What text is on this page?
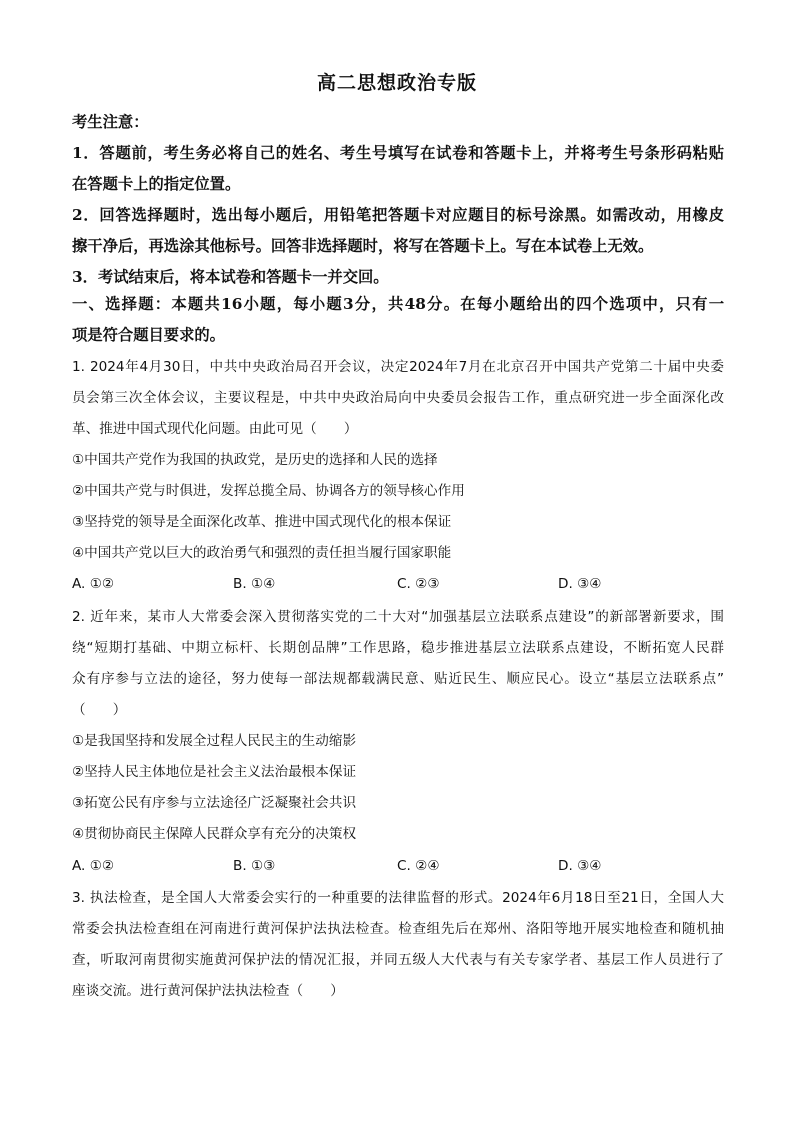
高二思想政治专版
考生注意：
1．答题前，考生务必将自己的姓名、考生号填写在试卷和答题卡上，并将考生号条形码粘贴
在答题卡上的指定位置。
2．回答选择题时，选出每小题后，用铅笔把答题卡对应题目的标号涂黑。如需改动，用橡皮
擦干净后，再选涂其他标号。回答非选择题时，将写在答题卡上。写在本试卷上无效。
3．考试结束后，将本试卷和答题卡一并交回。
一、选择题：本题共16小题，每小题3分，共48分。在每小题给出的四个选项中，只有一
项是符合题目要求的。
1. 2024年4月30日，中共中央政治局召开会议，决定2024年7月在北京召开中国共产党第二十届中央委
员会第三次全体会议，主要议程是，中共中央政治局向中央委员会报告工作，重点研究进一步全面深化改
革、推进中国式现代化问题。由此可见（　　）
①中国共产党作为我国的执政党，是历史的选择和人民的选择
②中国共产党与时俱进，发挥总揽全局、协调各方的领导核心作用
③坚持党的领导是全面深化改革、推进中国式现代化的根本保证
④中国共产党以巨大的政治勇气和强烈的责任担当履行国家职能
A. ①②	B. ①④	C. ②③	D. ③④
2. 近年来，某市人大常委会深入贯彻落实党的二十大对“加强基层立法联系点建设”的新部署新要求，围
绕“短期打基础、中期立标杆、长期创品牌”工作思路，稳步推进基层立法联系点建设，不断拓宽人民群
众有序参与立法的途径，努力使每一部法规都载满民意、贴近民生、顺应民心。设立“基层立法联系点”
（　　）
①是我国坚持和发展全过程人民民主的生动缩影
②坚持人民主体地位是社会主义法治最根本保证
③拓宽公民有序参与立法途径广泛凝聚社会共识
④贯彻协商民主保障人民群众享有充分的决策权
A. ①②	B. ①③	C. ②④	D. ③④
3. 执法检查，是全国人大常委会实行的一种重要的法律监督的形式。2024年6月18日至21日，全国人大
常委会执法检查组在河南进行黄河保护法执法检查。检查组先后在郑州、洛阳等地开展实地检查和随机抽
查，听取河南贯彻实施黄河保护法的情况汇报，并同五级人大代表与有关专家学者、基层工作人员进行了
座谈交流。进行黄河保护法执法检查（　　）
